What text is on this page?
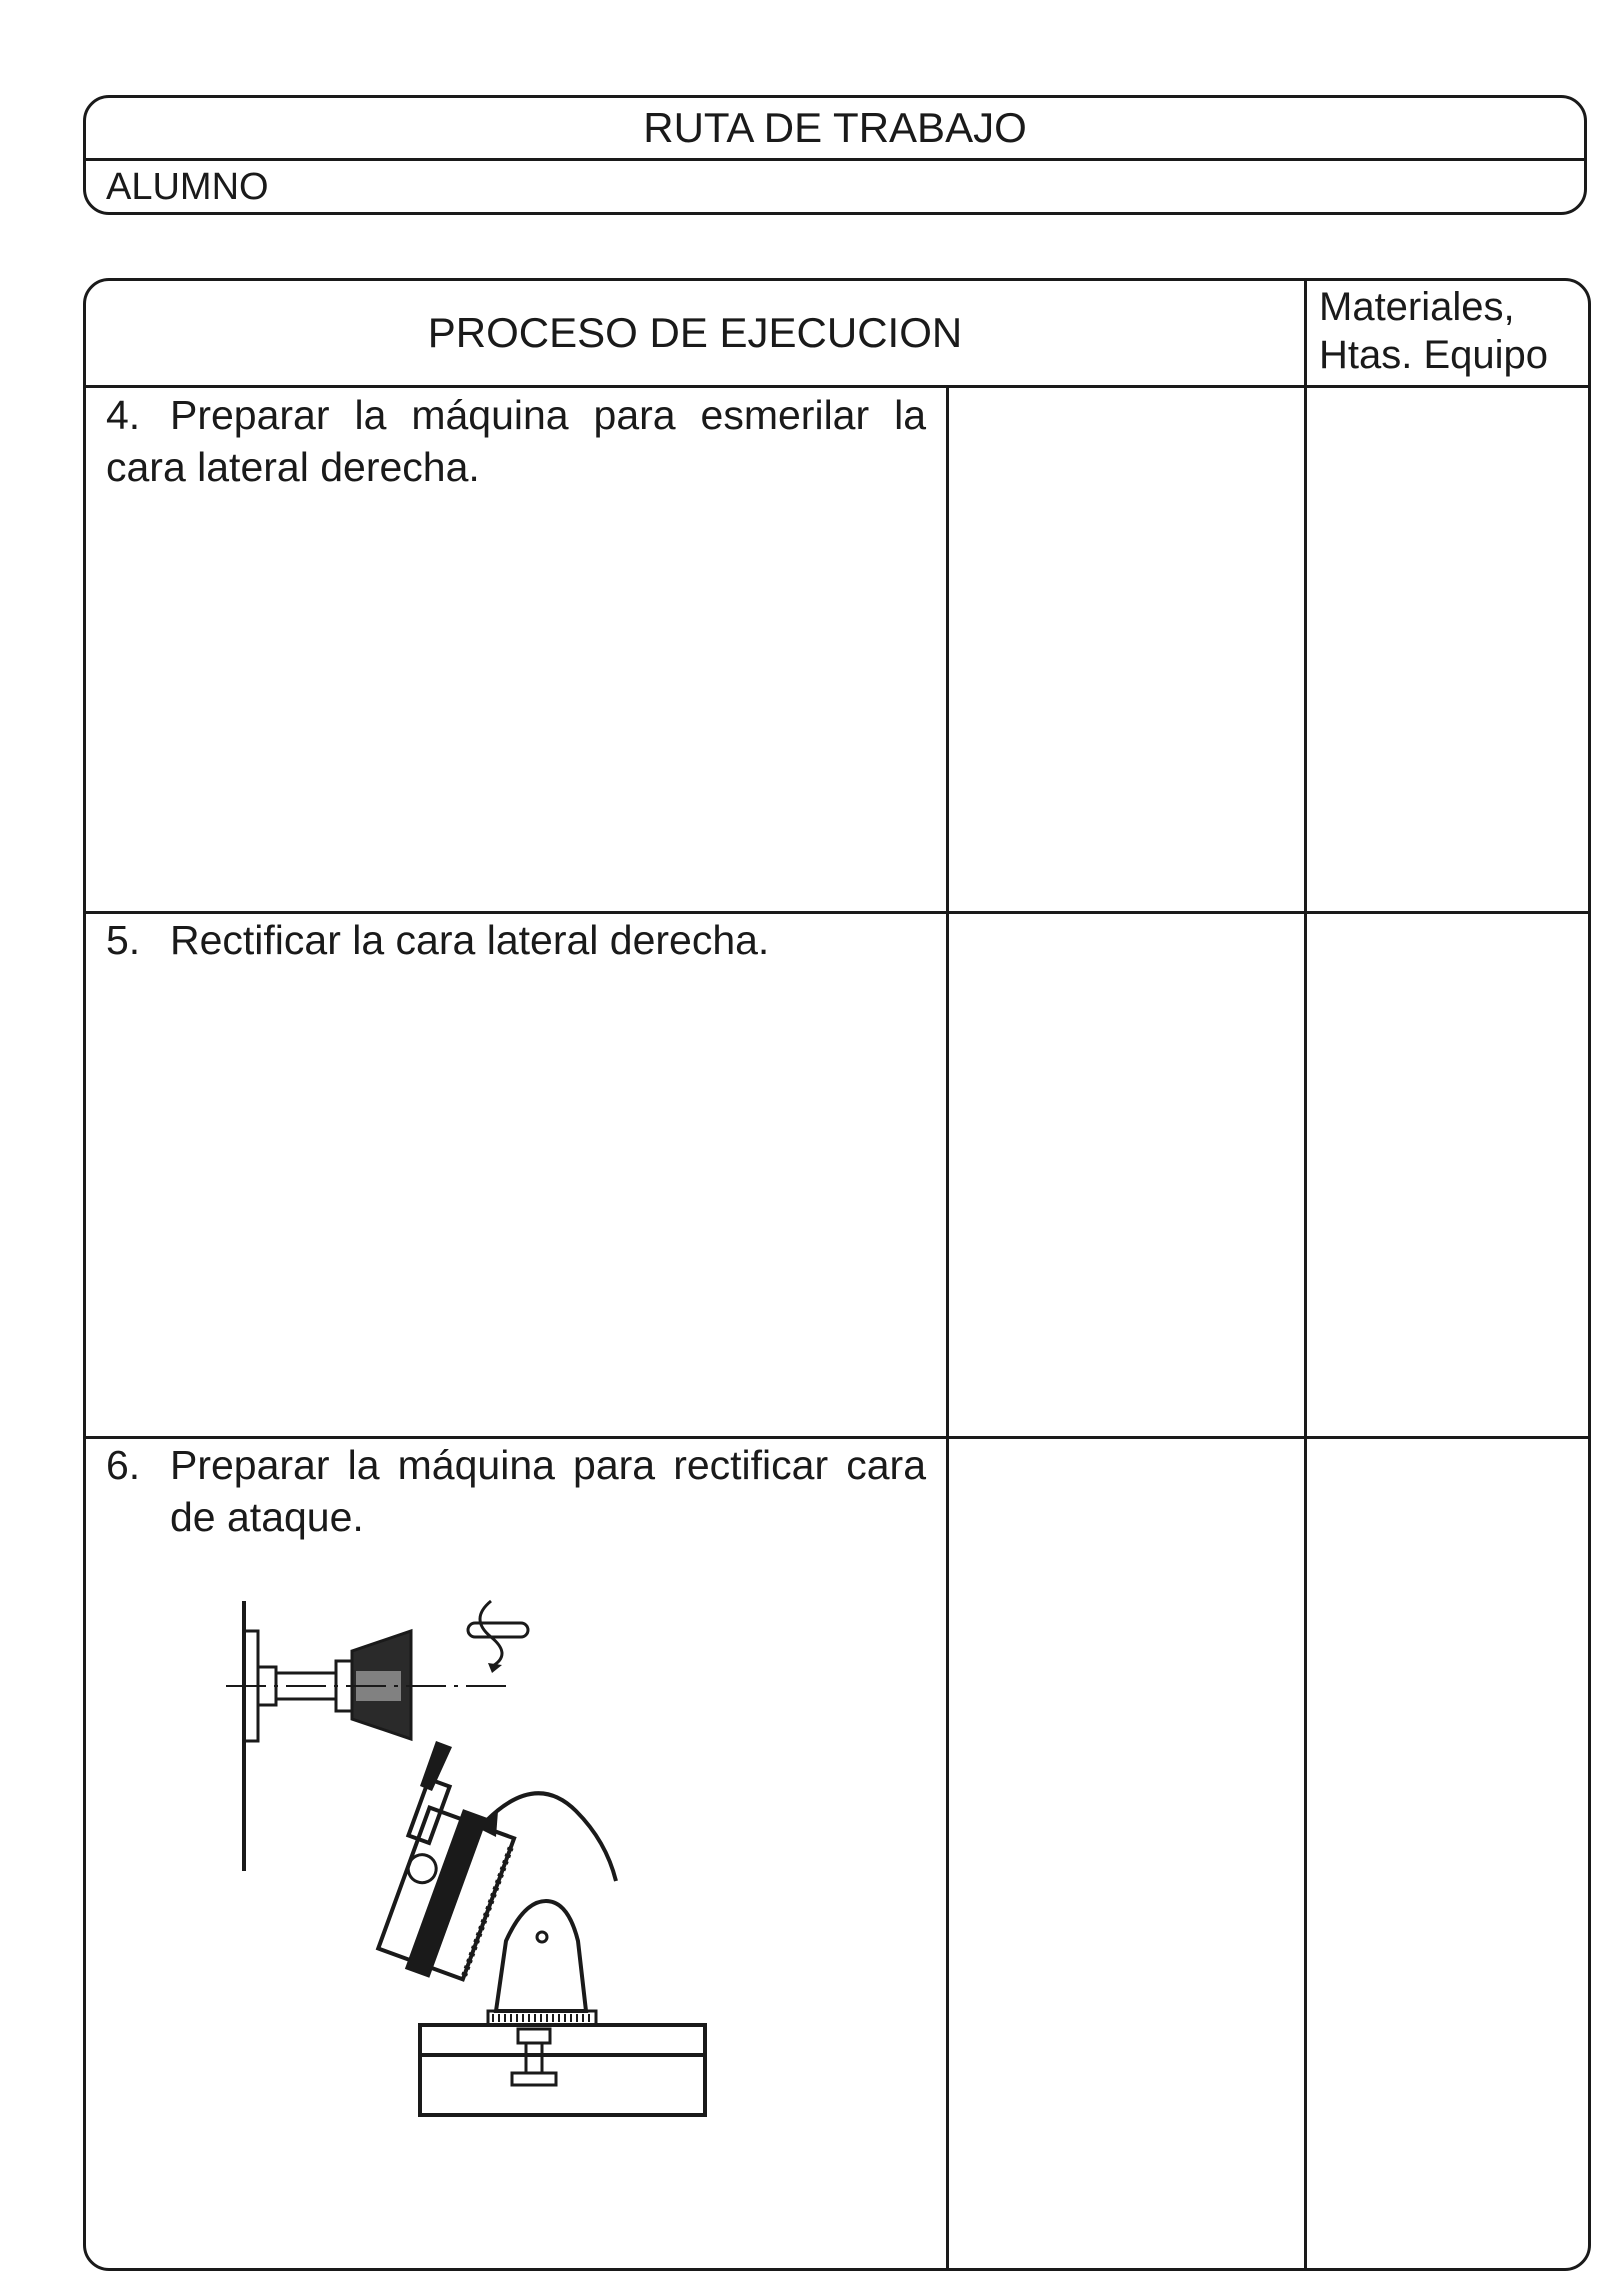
RUTA DE TRABAJO
ALUMNO
PROCESO DE EJECUCION
Materiales,
Htas. Equipo
4. Preparar la máquina para esmerilar la cara lateral derecha.
5. Rectificar la cara lateral derecha.
6. Preparar la máquina para rectificar cara de ataque.
